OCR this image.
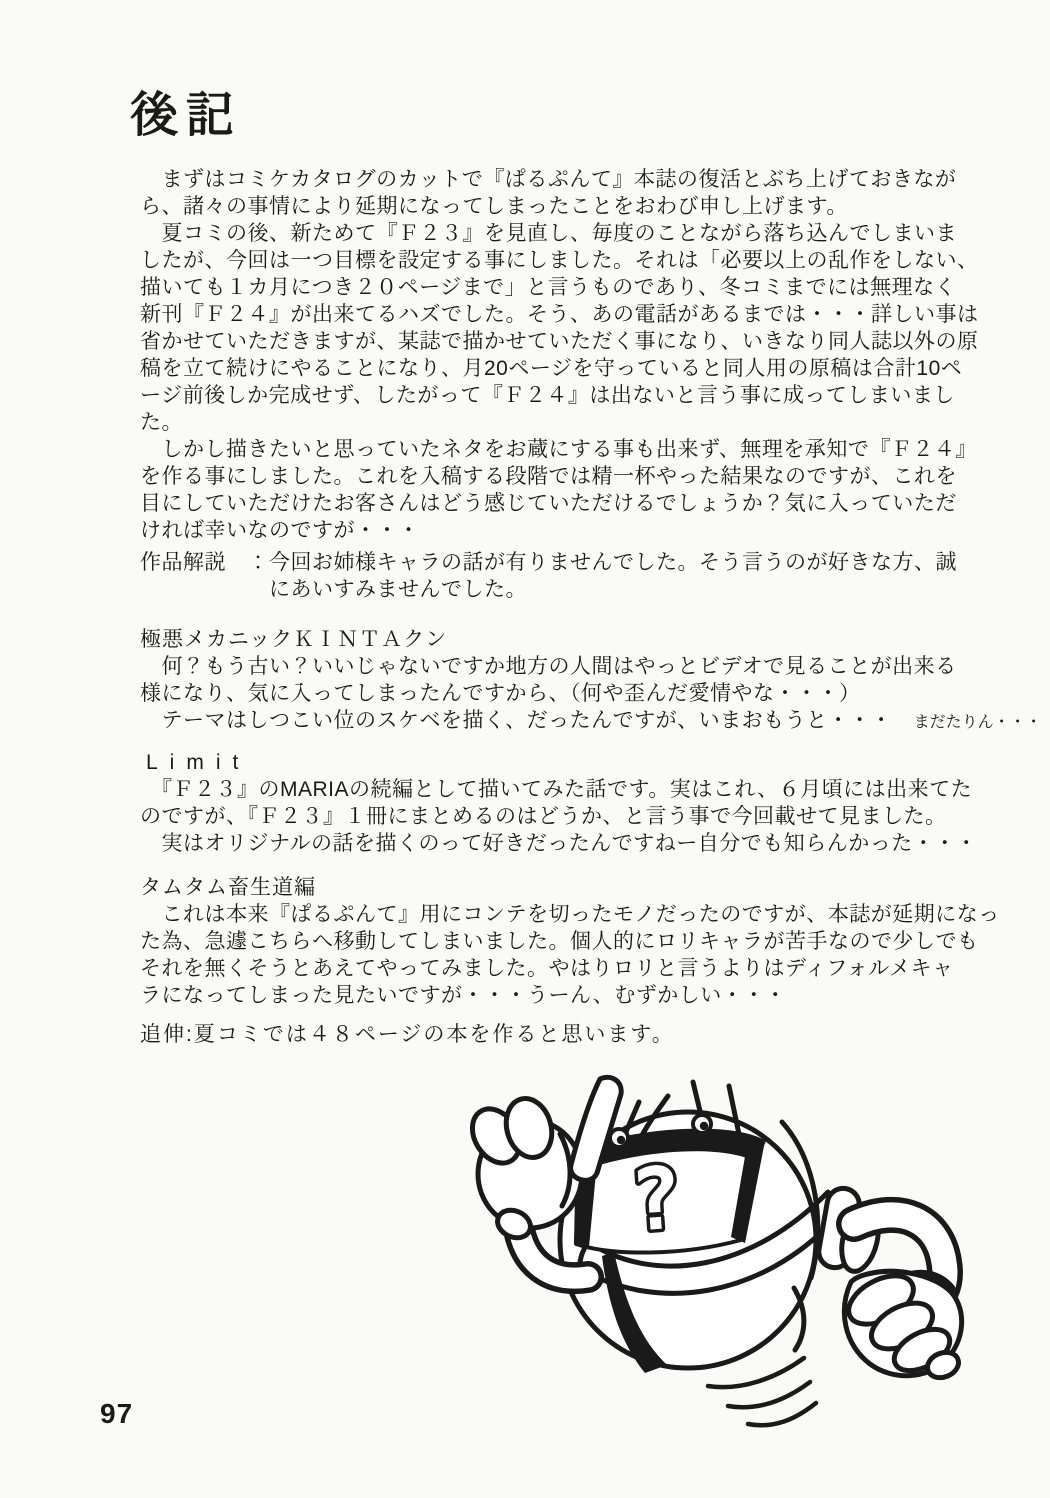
後記
　まずはコミケカタログのカットで『ぱるぷんて』本誌の復活とぶち上げておきなが
ら、諸々の事情により延期になってしまったことをおわび申し上げます。
　夏コミの後、新ためて『Ｆ２３』を見直し、毎度のことながら落ち込んでしまいま
したが、今回は一つ目標を設定する事にしました。それは「必要以上の乱作をしない、
描いても１カ月につき２０ページまで」と言うものであり、冬コミまでには無理なく
新刊『Ｆ２４』が出来てるハズでした。そう、あの電話があるまでは・・・詳しい事は
省かせていただきますが、某誌で描かせていただく事になり、いきなり同人誌以外の原
稿を立て続けにやることになり、月20ページを守っていると同人用の原稿は合計10ペ
ージ前後しか完成せず、したがって『Ｆ２４』は出ないと言う事に成ってしまいまし
た。
　しかし描きたいと思っていたネタをお蔵にする事も出来ず、無理を承知で『Ｆ２４』
を作る事にしました。これを入稿する段階では精一杯やった結果なのですが、これを
目にしていただけたお客さんはどう感じていただけるでしょうか？気に入っていただ
ければ幸いなのですが・・・
作品解説　： 今回お姉様キャラの話が有りませんでした。そう言うのが好きな方、誠
にあいすみませんでした。
極悪メカニックＫＩＮＴＡクン
　何？もう古い？いいじゃないですか地方の人間はやっとビデオで見ることが出来る
様になり、気に入ってしまったんですから、（何や歪んだ愛情やな・・・）
　テーマはしつこい位のスケベを描く、だったんですが、いまおもうと・・・　まだたりん・・・
Limit
　『Ｆ２３』のMARIAの続編として描いてみた話です。実はこれ、６月頃には出来てた
のですが、『Ｆ２３』１冊にまとめるのはどうか、と言う事で今回載せて見ました。
　実はオリジナルの話を描くのって好きだったんですねー自分でも知らんかった・・・
タムタム畜生道編
　これは本来『ぱるぷんて』用にコンテを切ったモノだったのですが、本誌が延期になっ
た為、急遽こちらへ移動してしまいました。個人的にロリキャラが苦手なので少しでも
それを無くそうとあえてやってみました。やはりロリと言うよりはディフォルメキャ
ラになってしまった見たいですが・・・うーん、むずかしい・・・
追伸:夏コミでは４８ページの本を作ると思います。
?
97
